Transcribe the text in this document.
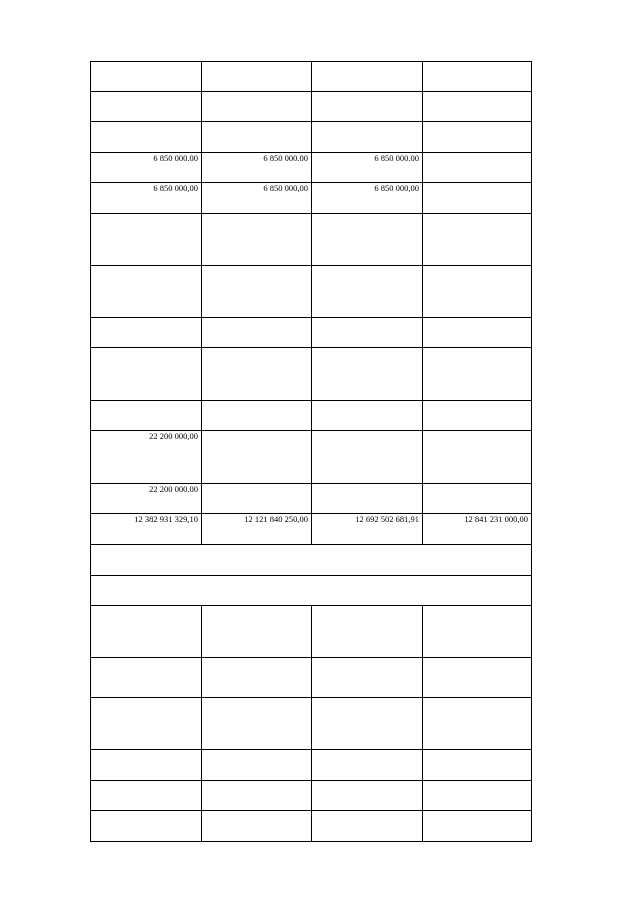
6 850 000.00	6 850 000.00	6 850 000.00	
6 850 000,00	6 850 000,00	6 850 000,00	

22 200 000,00			
22 200 000.00			
12 382 931 329,10	12 121 840 250,00	12 692 502 681,91	12 841 231 000,00
